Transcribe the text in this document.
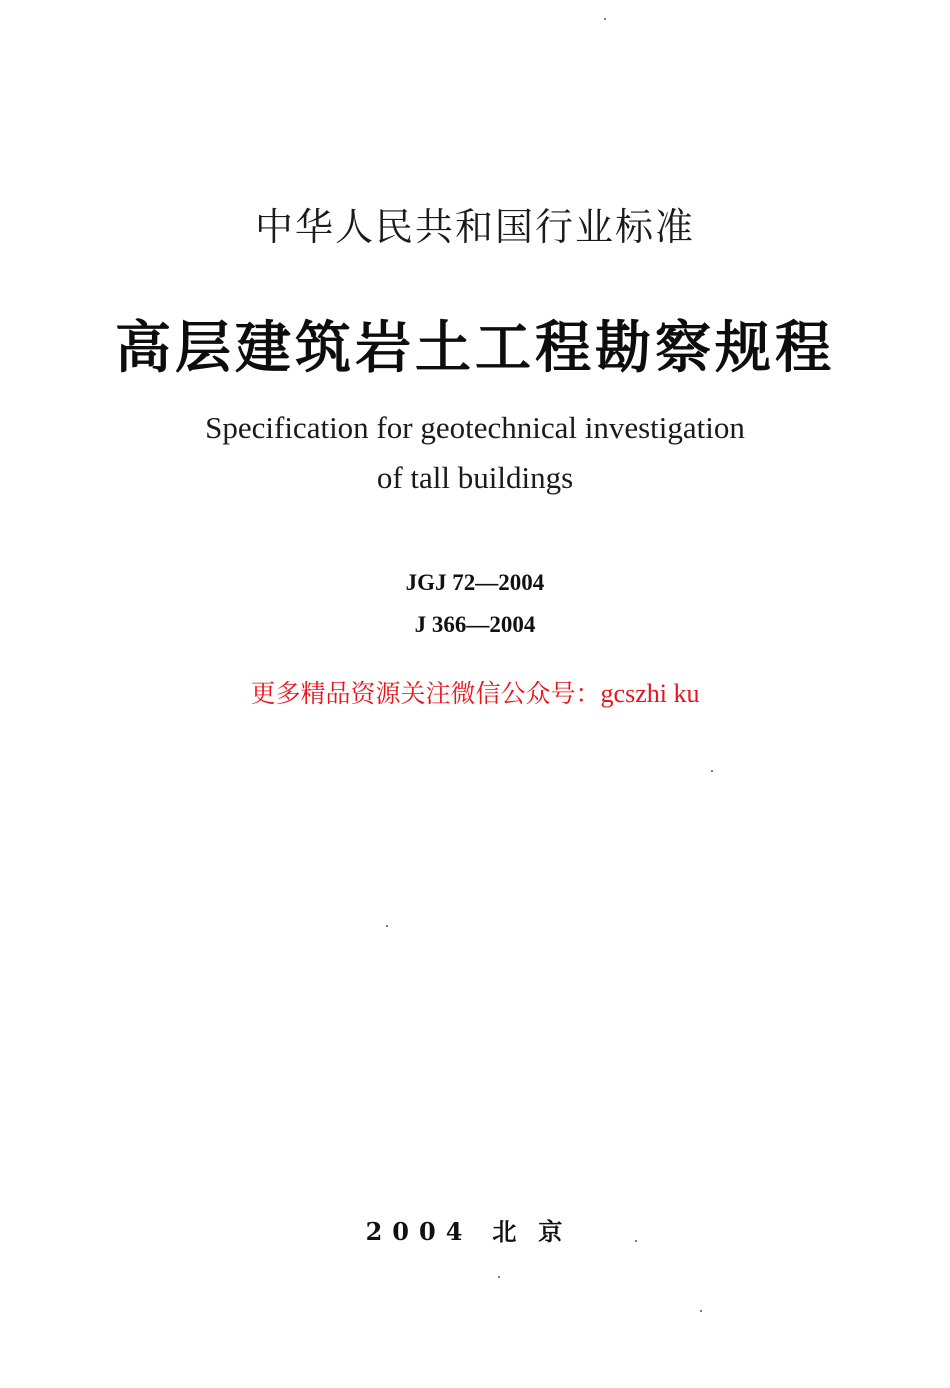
中华人民共和国行业标准
高层建筑岩土工程勘察规程
Specification for geotechnical investigation
of tall buildings
JGJ 72—2004
J 366—2004
更多精品资源关注微信公众号：gcszhi ku
2004 北京
